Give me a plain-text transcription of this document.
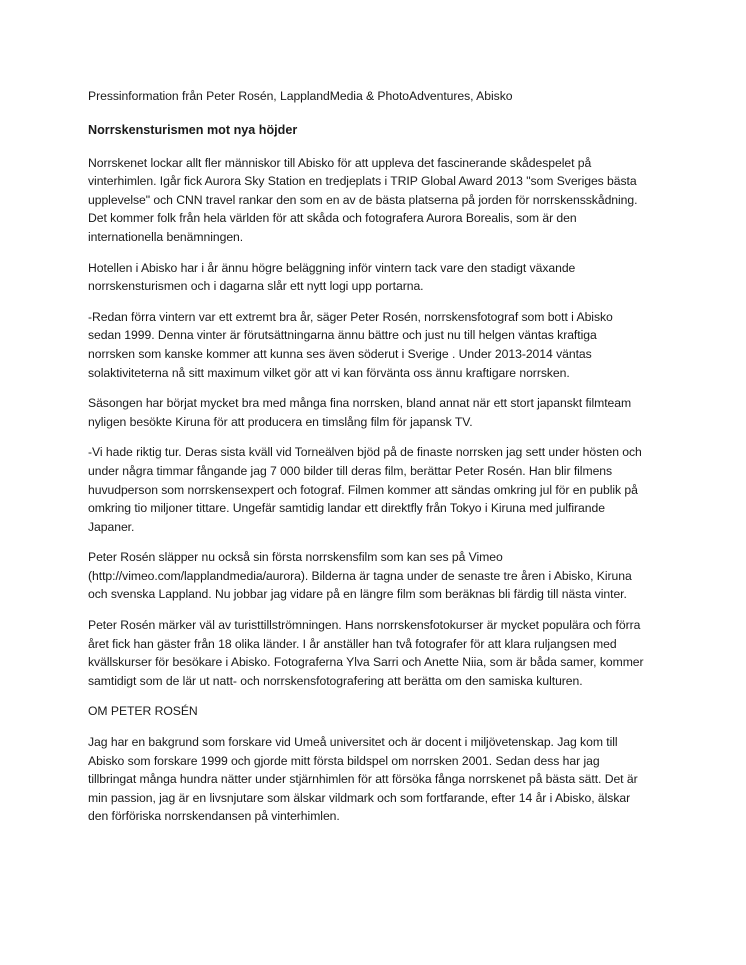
Pressinformation från Peter Rosén, LapplandMedia & PhotoAdventures, Abisko
Norrskensturismen mot nya höjder
Norrskenet lockar allt fler människor till Abisko för att uppleva det fascinerande skådespelet på
vinterhimlen. Igår fick Aurora Sky Station en tredjeplats i TRIP Global Award 2013 "som Sveriges bästa
upplevelse" och CNN travel rankar den som en av de bästa platserna på jorden för norrskensskådning.
Det kommer folk från hela världen för att skåda och fotografera Aurora Borealis, som är den
internationella benämningen.
Hotellen i Abisko har i år ännu högre beläggning inför vintern tack vare den stadigt växande
norrskensturismen och i dagarna slår ett nytt logi upp portarna.
-Redan förra vintern var ett extremt bra år, säger Peter Rosén, norrskensfotograf som bott i Abisko
sedan 1999. Denna vinter är förutsättningarna ännu bättre och just nu till helgen väntas kraftiga
norrsken som kanske kommer att kunna ses även söderut i Sverige . Under 2013-2014 väntas
solaktiviteterna nå sitt maximum vilket gör att vi kan förvänta oss ännu kraftigare norrsken.
Säsongen har börjat mycket bra med många fina norrsken, bland annat när ett stort japanskt filmteam
nyligen besökte Kiruna för att producera en timslång film för japansk TV.
-Vi hade riktig tur. Deras sista kväll vid Torneälven bjöd på de finaste norrsken jag sett under hösten och
under några timmar fångande jag 7 000 bilder till deras film, berättar Peter Rosén. Han blir filmens
huvudperson som norrskensexpert och fotograf. Filmen kommer att sändas omkring jul för en publik på
omkring tio miljoner tittare. Ungefär samtidig landar ett direktfly från Tokyo i Kiruna med julfirande
Japaner.
Peter Rosén släpper nu också sin första norrskensfilm som kan ses på Vimeo
(http://vimeo.com/lapplandmedia/aurora). Bilderna är tagna under de senaste tre åren i Abisko, Kiruna
och svenska Lappland. Nu jobbar jag vidare på en längre film som beräknas bli färdig till nästa vinter.
Peter Rosén märker väl av turisttillströmningen. Hans norrskensfotokurser är mycket populära och förra
året fick han gäster från 18 olika länder. I år anställer han två fotografer för att klara ruljangsen med
kvällskurser för besökare i Abisko. Fotograferna Ylva Sarri och Anette Niia, som är båda samer, kommer
samtidigt som de lär ut natt- och norrskensfotografering att berätta om den samiska kulturen.
OM PETER ROSÉN
Jag har en bakgrund som forskare vid Umeå universitet och är docent i miljövetenskap. Jag kom till
Abisko som forskare 1999 och gjorde mitt första bildspel om norrsken 2001. Sedan dess har jag
tillbringat många hundra nätter under stjärnhimlen för att försöka fånga norrskenet på bästa sätt. Det är
min passion, jag är en livsnjutare som älskar vildmark och som fortfarande, efter 14 år i Abisko, älskar
den förföriska norrskendansen på vinterhimlen.
